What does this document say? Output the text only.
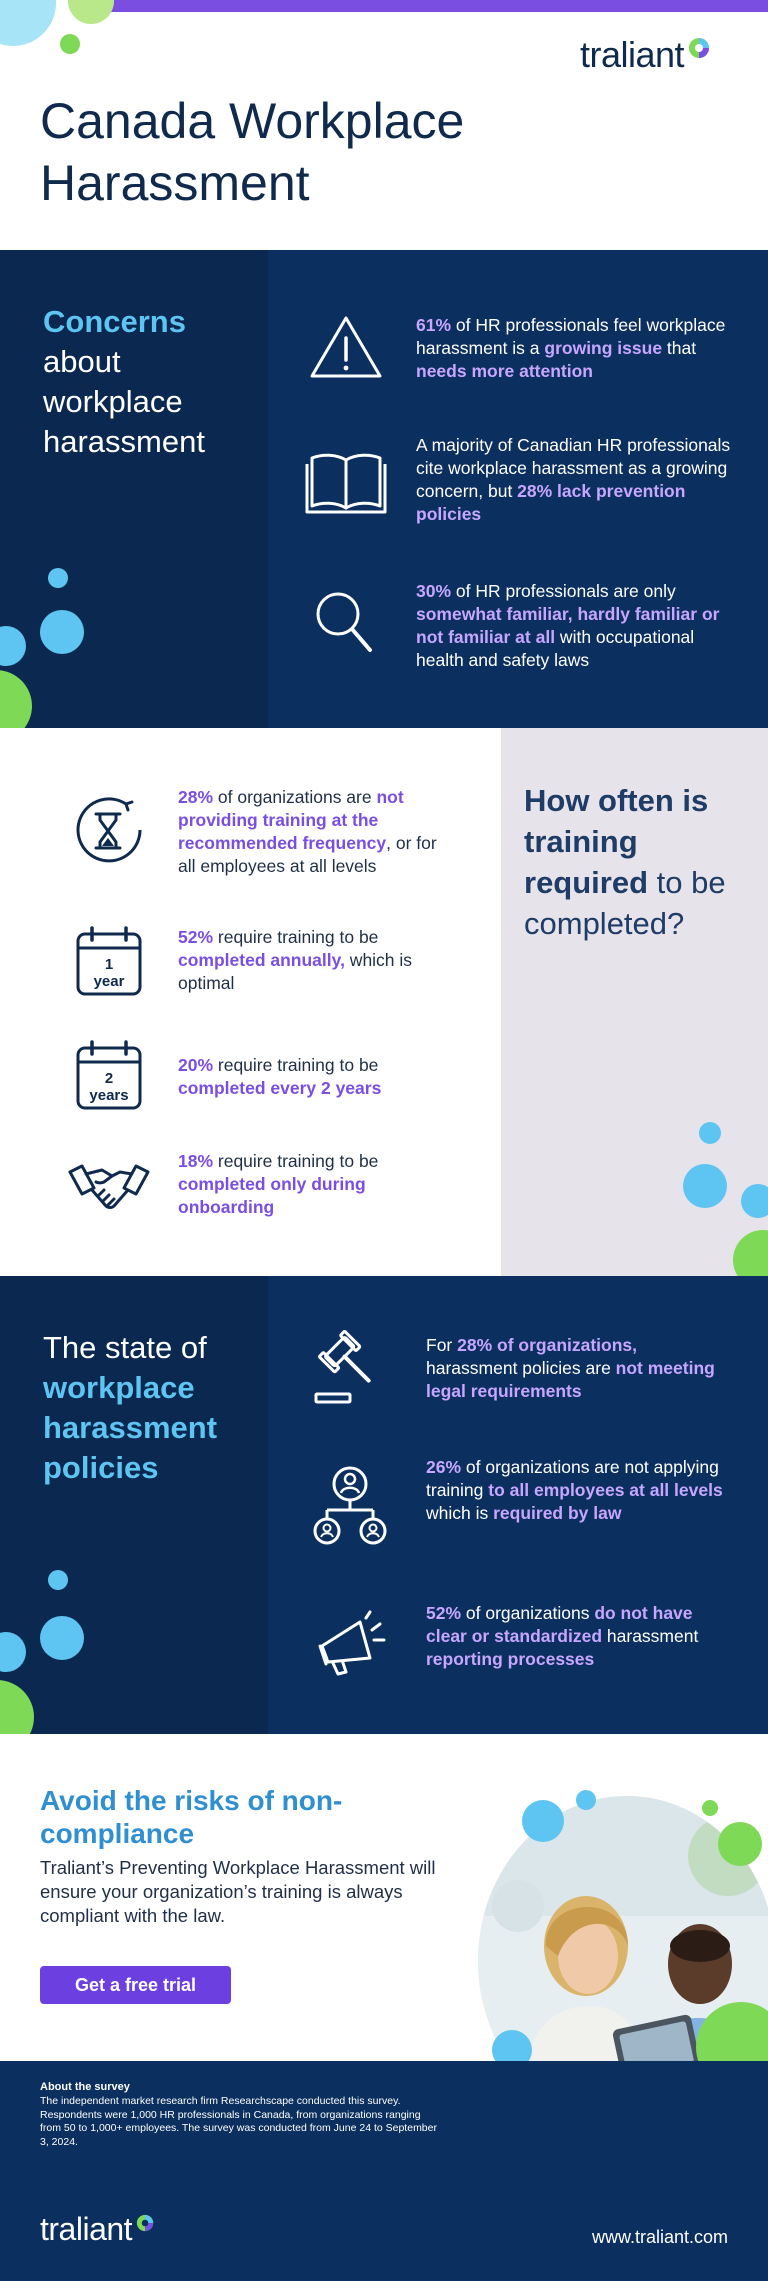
traliant
Canada Workplace Harassment
Concerns
about workplace harassment
61% of HR professionals feel workplace harassment is a growing issue that needs more attention
A majority of Canadian HR professionals cite workplace harassment as a growing concern, but 28% lack prevention policies
30% of HR professionals are only somewhat familiar, hardly familiar or not familiar at all with occupational health and safety laws
28% of organizations are not providing training at the recommended frequency, or for all employees at all levels
1
year
52% require training to be completed annually, which is optimal
2
years
20% require training to be completed every 2 years
18% require training to be completed only during onboarding
How often is training required to be completed?
The state of
workplace harassment policies
For 28% of organizations, harassment policies are not meeting legal requirements
26% of organizations are not applying training to all employees at all levels which is required by law
52% of organizations do not have clear or standardized harassment reporting processes
Avoid the risks of non-compliance

Traliant’s Preventing Workplace Harassment will ensure your organization’s training is always compliant with the law.

Get a free trial
About the survey
The independent market research firm Researchscape conducted this survey. Respondents were 1,000 HR professionals in Canada, from organizations ranging from 50 to 1,000+ employees. The survey was conducted from June 24 to September 3, 2024.
traliant	www.traliant.com
